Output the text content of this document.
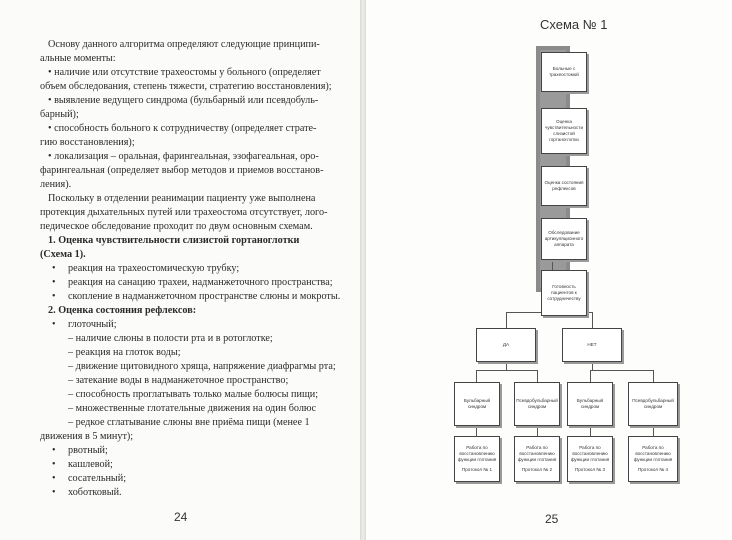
Основу данного алгоритма определяют следующие принципи-
альные моменты:
• наличие или отсутствие трахеостомы у больного (определяет
объем обследования, степень тяжести, стратегию восстановления);
• выявление ведущего синдрома (бульбарный или псевдобуль-
барный);
• способность больного к сотрудничеству (определяет страте-
гию восстановления);
• локализация – оральная, фарингеальная, эзофагеальная, оро-
фарингеальная (определяет выбор методов и приемов восстанов-
ления).
Поскольку в отделении реанимации пациенту уже выполнена
протекция дыхательных путей или трахеостома отсутствует, лого-
педическое обследование проходит по двум основным схемам.
1. Оценка чувствительности слизистой гортаноглотки
(Схема 1).
• реакция на трахеостомическую трубку;
• реакция на санацию трахеи, надманжеточного пространства;
• скопление в надманжеточном пространстве слюны и мокроты.
2. Оценка состояния рефлексов:
• глоточный;
– наличие слюны в полости рта и в ротоглотке;
– реакция на глоток воды;
– движение щитовидного хряща, напряжение диафрагмы рта;
– затекание воды в надманжеточное пространство;
– способность проглатывать только малые болюсы пищи;
– множественные глотательные движения на один болюс
– редкое сглатывание слюны вне приёма пищи (менее 1
движения в 5 минут);
• рвотный;
• кашлевой;
• сосательный;
• хоботковый.
24
Схема № 1
Больные с трахеостомой
Оценка чувствительности слизистой гортаноглотки
Оценка состояния рефлексов
Обследование артикуляционного аппарата
Готовность пациентов к сотрудничеству
ДА	НЕТ
Бульбарный синдром
Псевдобульбарный синдром
Бульбарный синдром
Псевдобульбарный синдром
Работа по восстановлению функции глотания
Протокол № 1
Работа по восстановлению функции глотания
Протокол № 2
Работа по восстановлению функции глотания
Протокол № 3
Работа по восстановлению функции глотания
Протокол № 4
25
